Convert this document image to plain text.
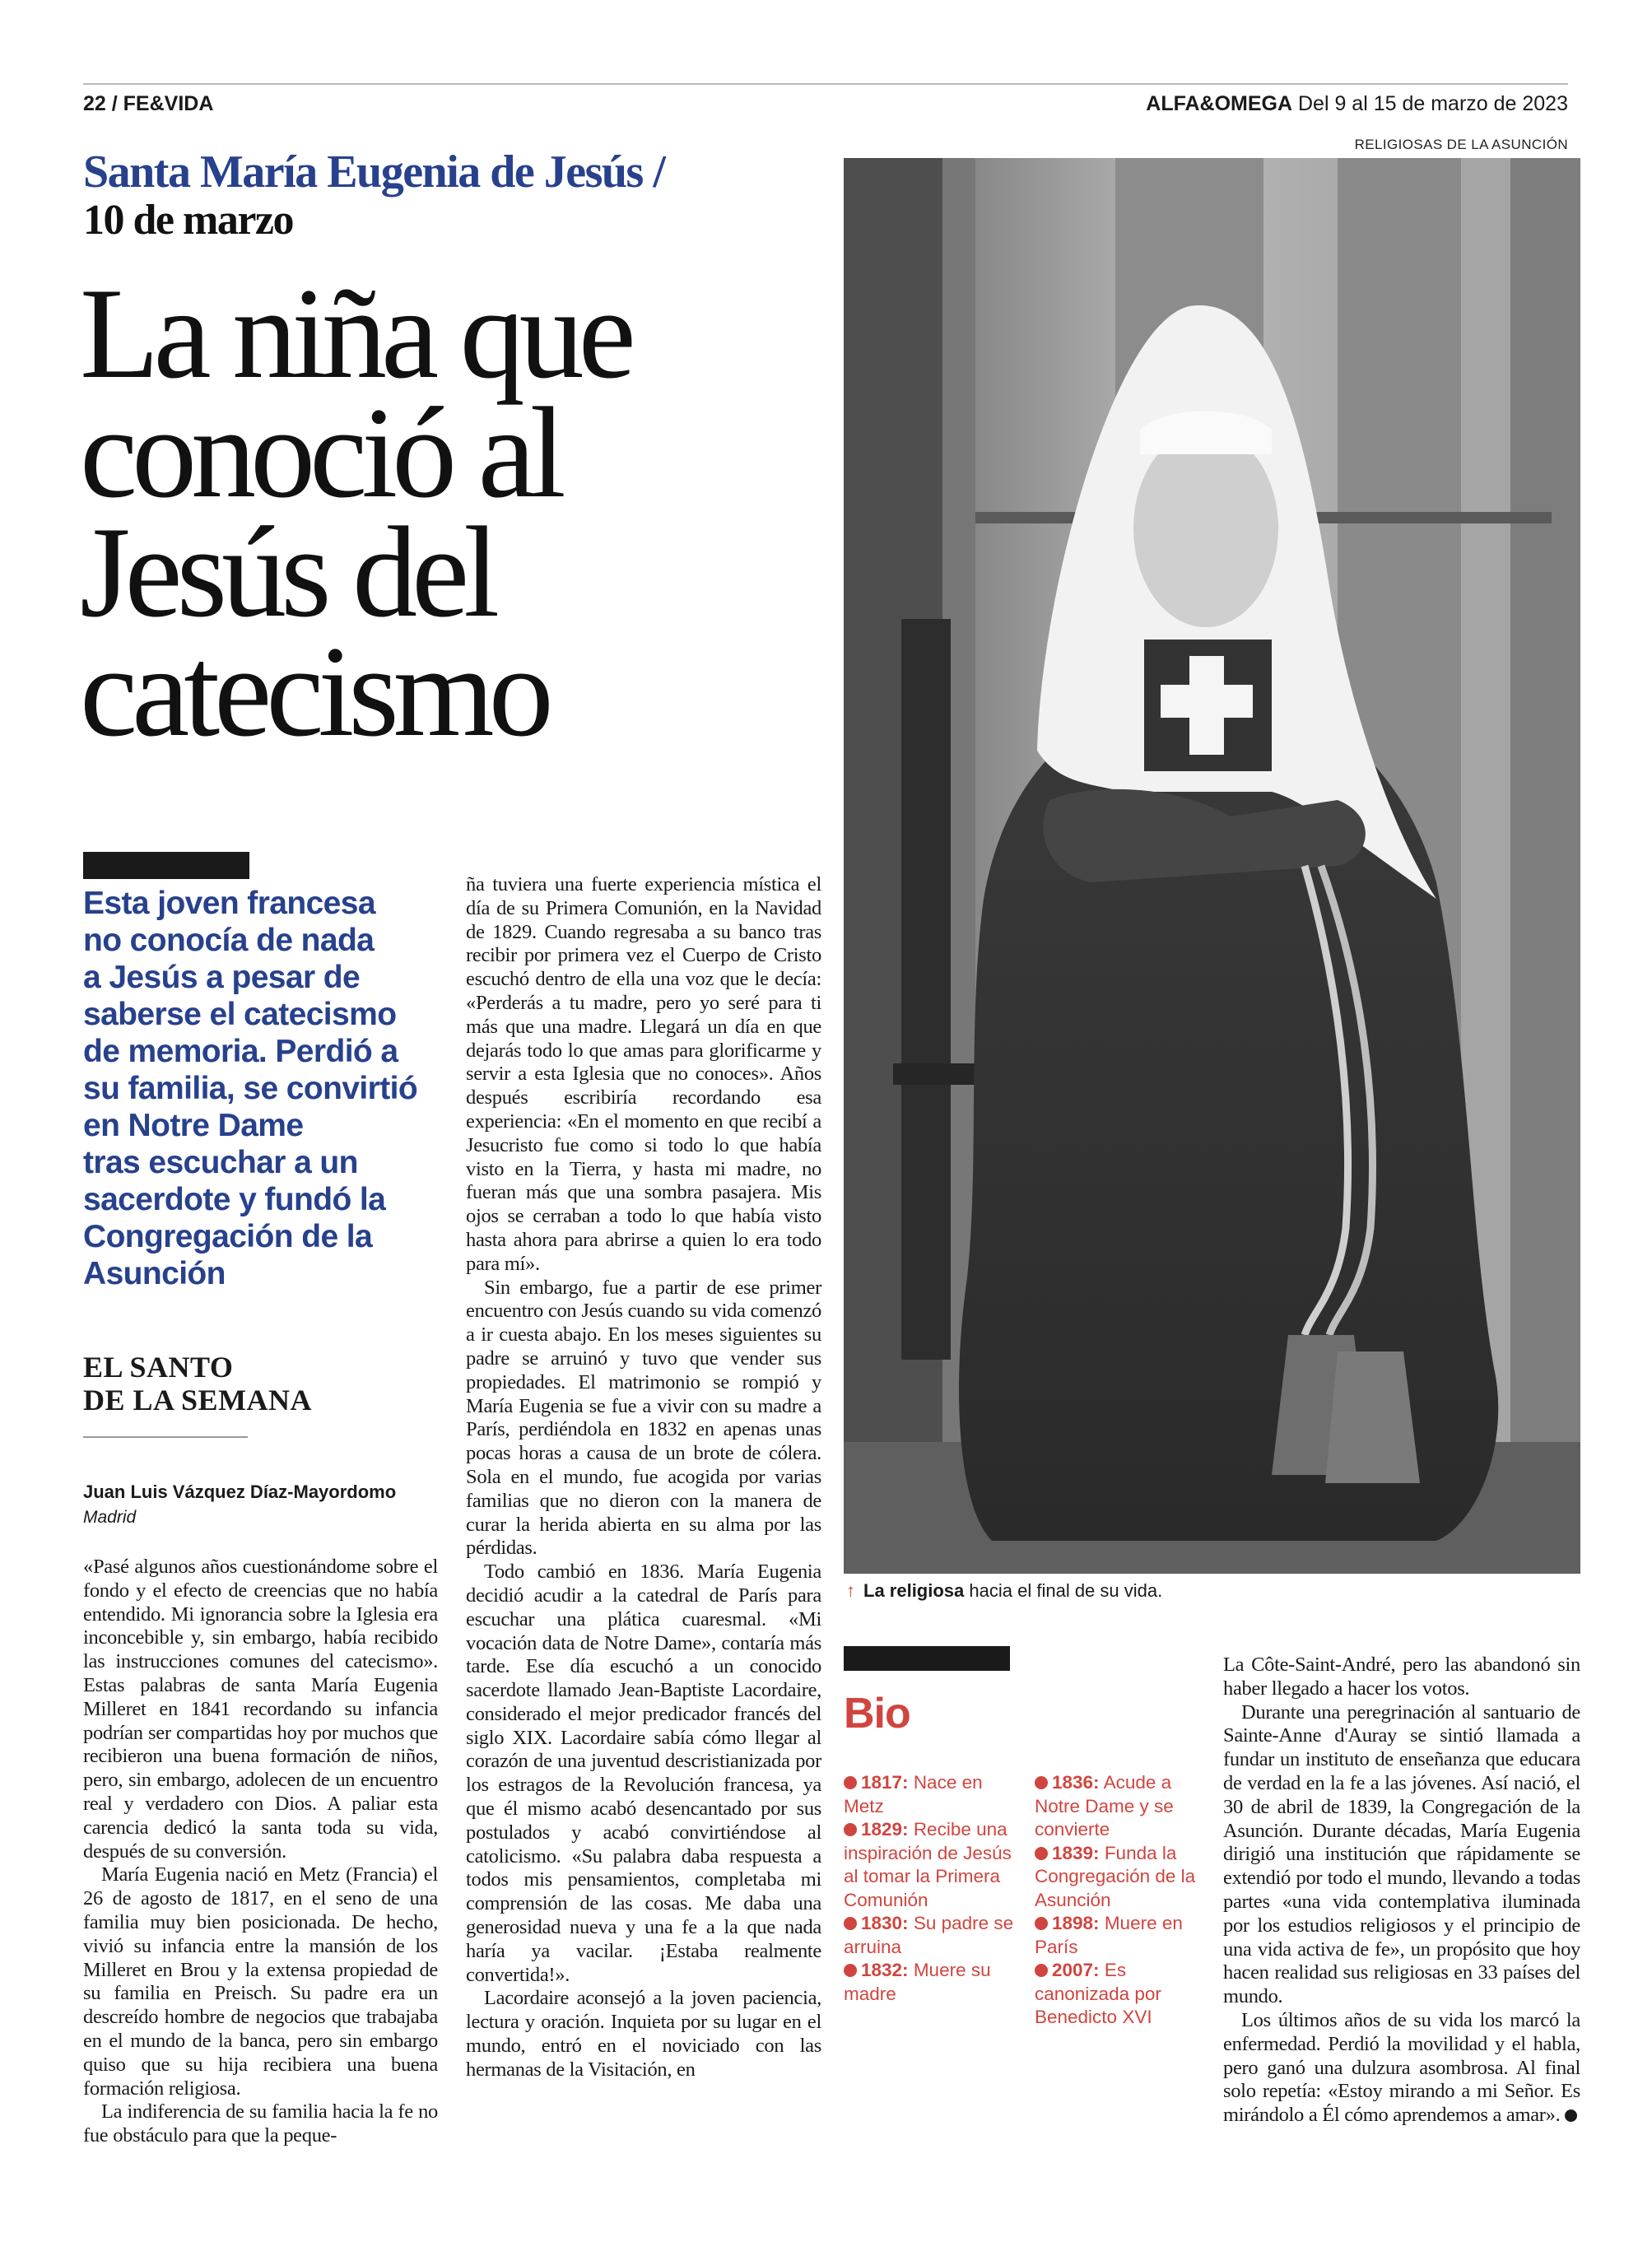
22 / FE&VIDA	ALFA&OMEGA Del 9 al 15 de marzo de 2023
RELIGIOSAS DE LA ASUNCIÓN
Santa María Eugenia de Jesús /
10 de marzo
La niña que
conoció al
Jesús del
catecismo
Esta joven francesa
no conocía de nada
a Jesús a pesar de
saberse el catecismo
de memoria. Perdió a
su familia, se convirtió
en Notre Dame
tras escuchar a un
sacerdote y fundó la
Congregación de la
Asunción
EL SANTO
DE LA SEMANA
Juan Luis Vázquez Díaz-Mayordomo
Madrid

«Pasé algunos años cuestionándome sobre el fondo y el efecto de creencias que no había entendido. Mi ignorancia sobre la Iglesia era inconcebible y, sin embargo, había recibido las instrucciones comunes del catecismo». Estas palabras de santa María Eugenia Milleret en 1841 recordando su infancia podrían ser compartidas hoy por muchos que recibieron una buena formación de niños, pero, sin embargo, adolecen de un encuentro real y verdadero con Dios. A paliar esta carencia dedicó la santa toda su vida, después de su conversión.

María Eugenia nació en Metz (Francia) el 26 de agosto de 1817, en el seno de una familia muy bien posicionada. De hecho, vivió su infancia entre la mansión de los Milleret en Brou y la extensa propiedad de su familia en Preisch. Su padre era un descreído hombre de negocios que trabajaba en el mundo de la banca, pero sin embargo quiso que su hija recibiera una buena formación religiosa.

La indiferencia de su familia hacia la fe no fue obstáculo para que la peque-

ña tuviera una fuerte experiencia mística el día de su Primera Comunión, en la Navidad de 1829. Cuando regresaba a su banco tras recibir por primera vez el Cuerpo de Cristo escuchó dentro de ella una voz que le decía: «Perderás a tu madre, pero yo seré para ti más que una madre. Llegará un día en que dejarás todo lo que amas para glorificarme y servir a esta Iglesia que no conoces». Años después escribiría recordando esa experiencia: «En el momento en que recibí a Jesucristo fue como si todo lo que había visto en la Tierra, y hasta mi madre, no fueran más que una sombra pasajera. Mis ojos se cerraban a todo lo que había visto hasta ahora para abrirse a quien lo era todo para mí».

Sin embargo, fue a partir de ese primer encuentro con Jesús cuando su vida comenzó a ir cuesta abajo. En los meses siguientes su padre se arruinó y tuvo que vender sus propiedades. El matrimonio se rompió y María Eugenia se fue a vivir con su madre a París, perdiéndola en 1832 en apenas unas pocas horas a causa de un brote de cólera. Sola en el mundo, fue acogida por varias familias que no dieron con la manera de curar la herida abierta en su alma por las pérdidas.

Todo cambió en 1836. María Eugenia decidió acudir a la catedral de París para escuchar una plática cuaresmal. «Mi vocación data de Notre Dame», contaría más tarde. Ese día escuchó a un conocido sacerdote llamado Jean-Baptiste Lacordaire, considerado el mejor predicador francés del siglo XIX. Lacordaire sabía cómo llegar al corazón de una juventud descristianizada por los estragos de la Revolución francesa, ya que él mismo acabó desencantado por sus postulados y acabó convirtiéndose al catolicismo. «Su palabra daba respuesta a todos mis pensamientos, completaba mi comprensión de las cosas. Me daba una generosidad nueva y una fe a la que nada haría ya vacilar. ¡Estaba realmente convertida!».

Lacordaire aconsejó a la joven paciencia, lectura y oración. Inquieta por su lugar en el mundo, entró en el noviciado con las hermanas de la Visitación, en

La Côte-Saint-André, pero las abandonó sin haber llegado a hacer los votos.

Durante una peregrinación al santuario de Sainte-Anne d'Auray se sintió llamada a fundar un instituto de enseñanza que educara de verdad en la fe a las jóvenes. Así nació, el 30 de abril de 1839, la Congregación de la Asunción. Durante décadas, María Eugenia dirigió una institución que rápidamente se extendió por todo el mundo, llevando a todas partes «una vida contemplativa iluminada por los estudios religiosos y el principio de una vida activa de fe», un propósito que hoy hacen realidad sus religiosas en 33 países del mundo.

Los últimos años de su vida los marcó la enfermedad. Perdió la movilidad y el habla, pero ganó una dulzura asombrosa. Al final solo repetía: «Estoy mirando a mi Señor. Es mirándolo a Él cómo aprendemos a amar».

↑ La religiosa hacia el final de su vida.
Bio
1817: Nace en Metz
1829: Recibe una inspiración de Jesús al tomar la Primera Comunión
1830: Su padre se arruina
1832: Muere su madre
1836: Acude a Notre Dame y se convierte
1839: Funda la Congregación de la Asunción
1898: Muere en París
2007: Es canonizada por Benedicto XVI
